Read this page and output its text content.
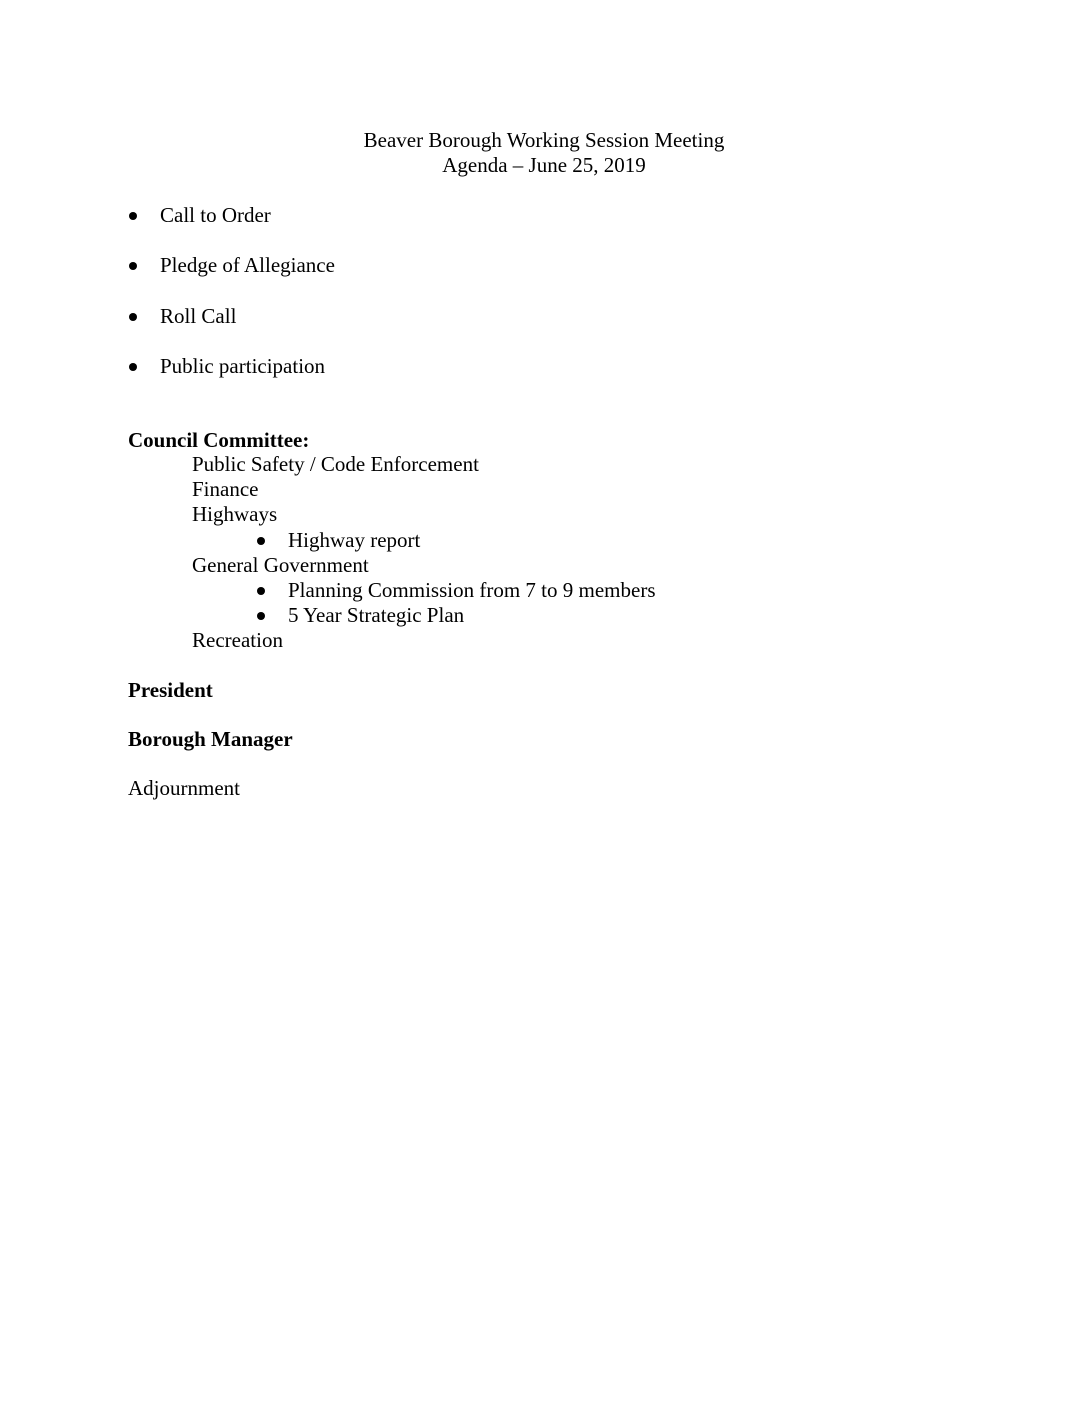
Beaver Borough Working Session Meeting
Agenda – June 25, 2019
Call to Order
Pledge of Allegiance
Roll Call
Public participation
Council Committee:
Public Safety / Code Enforcement
Finance
Highways
Highway report
General Government
Planning Commission from 7 to 9 members
5 Year Strategic Plan
Recreation
President
Borough Manager
Adjournment
